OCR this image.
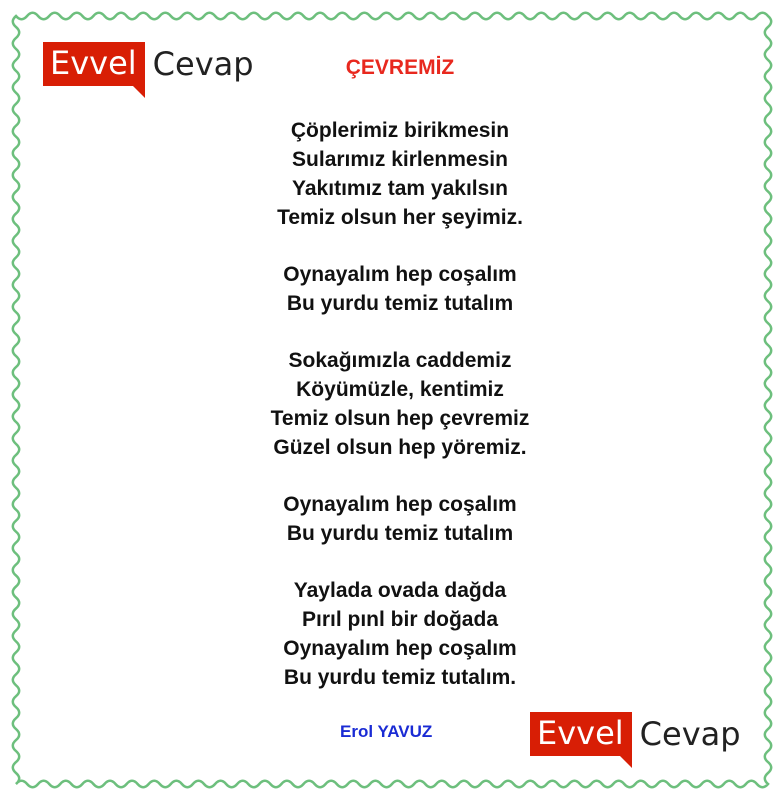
Evvel Cevap	ÇEVREMİZ
Çöplerimiz birikmesin
Sularımız kirlenmesin
Yakıtımız tam yakılsın
Temiz olsun her şeyimiz.
Oynayalım hep coşalım
Bu yurdu temiz tutalım
Sokağımızla caddemiz
Köyümüzle, kentimiz
Temiz olsun hep çevremiz
Güzel olsun hep yöremiz.
Oynayalım hep coşalım
Bu yurdu temiz tutalım
Yaylada ovada dağda
Pırıl pınl bir doğada
Oynayalım hep coşalım
Bu yurdu temiz tutalım.
Erol YAVUZ	Evvel Cevap
